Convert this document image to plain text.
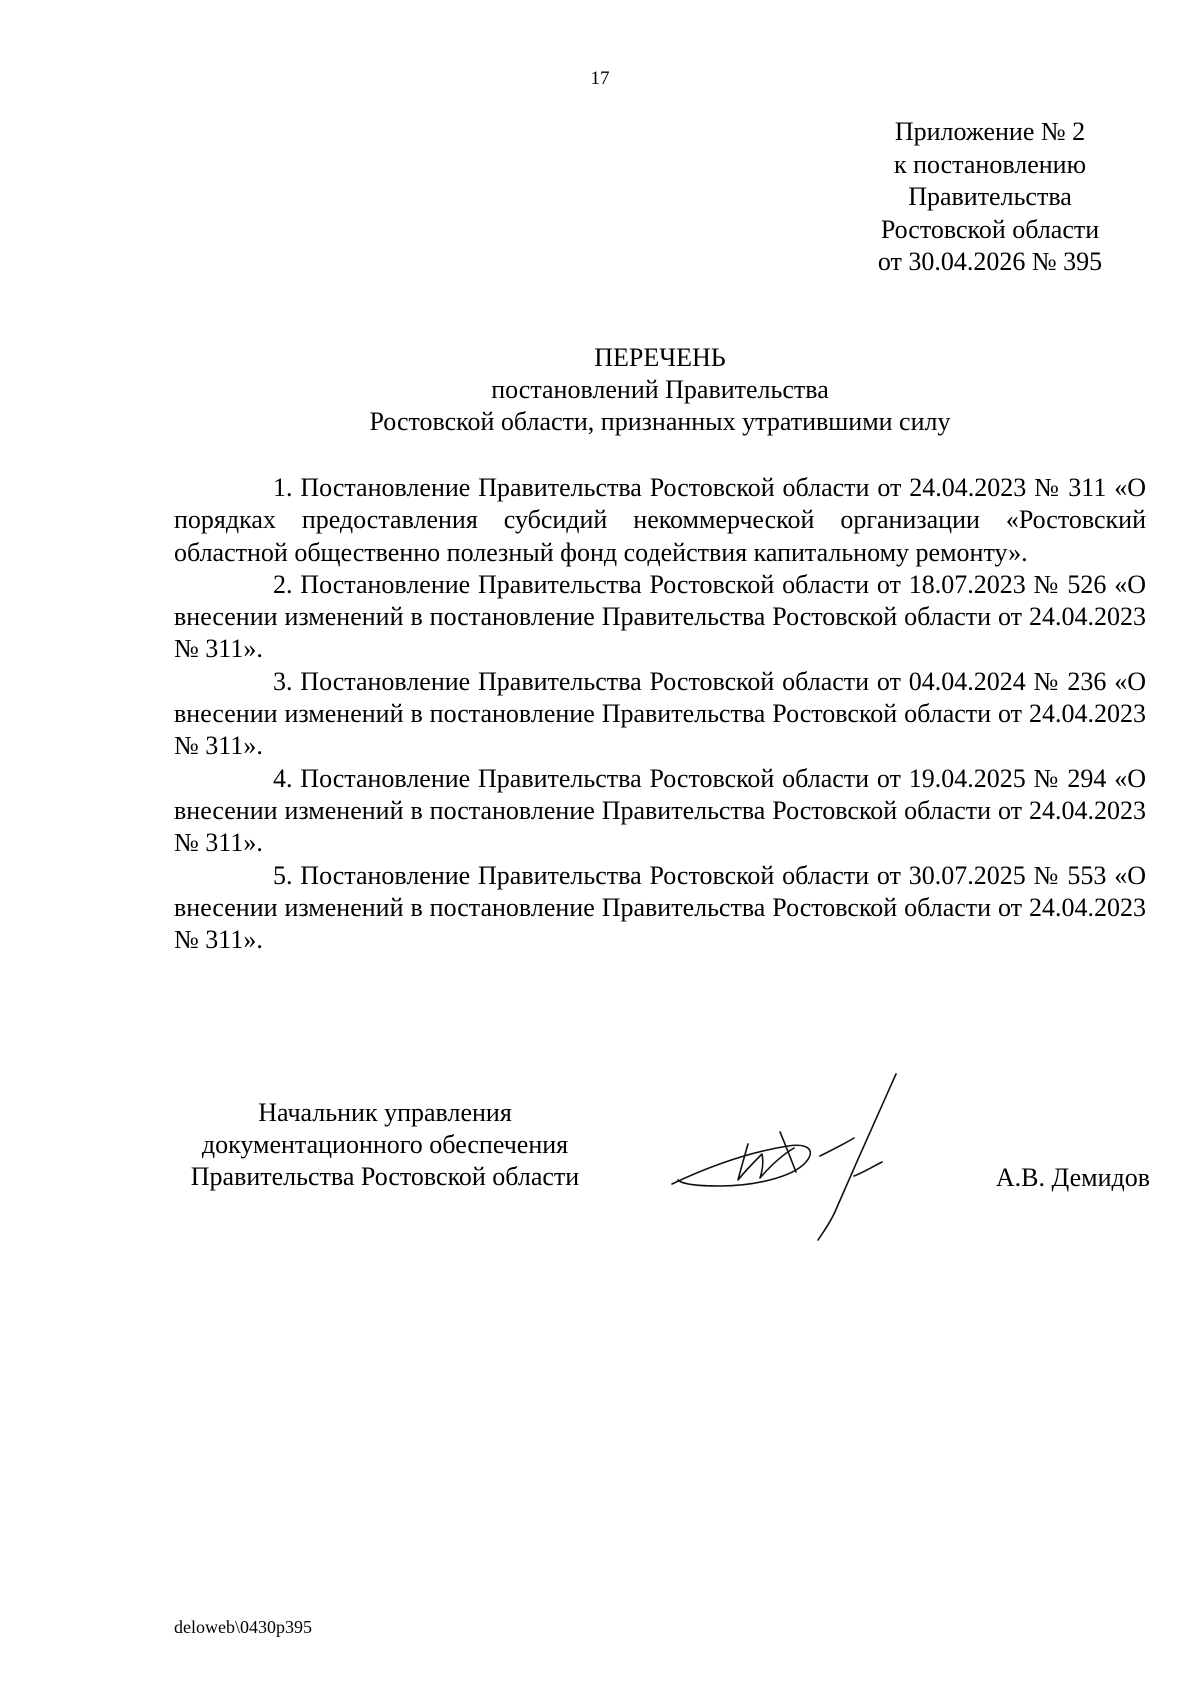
17
Приложение № 2
к постановлению
Правительства
Ростовской области
от 30.04.2026 № 395
ПЕРЕЧЕНЬ
постановлений Правительства
Ростовской области, признанных утратившими силу

1. Постановление Правительства Ростовской области от 24.04.2023 № 311 «О порядках предоставления субсидий некоммерческой организации «Ростовский областной общественно полезный фонд содействия капитальному ремонту».

2. Постановление Правительства Ростовской области от 18.07.2023 № 526 «О внесении изменений в постановление Правительства Ростовской области от 24.04.2023 № 311».

3. Постановление Правительства Ростовской области от 04.04.2024 № 236 «О внесении изменений в постановление Правительства Ростовской области от 24.04.2023 № 311».

4. Постановление Правительства Ростовской области от 19.04.2025 № 294 «О внесении изменений в постановление Правительства Ростовской области от 24.04.2023 № 311».

5. Постановление Правительства Ростовской области от 30.07.2025 № 553 «О внесении изменений в постановление Правительства Ростовской области от 24.04.2023 № 311».

Начальник управления
документационного обеспечения
Правительства Ростовской области	А.В. Демидов
deloweb\0430p395
